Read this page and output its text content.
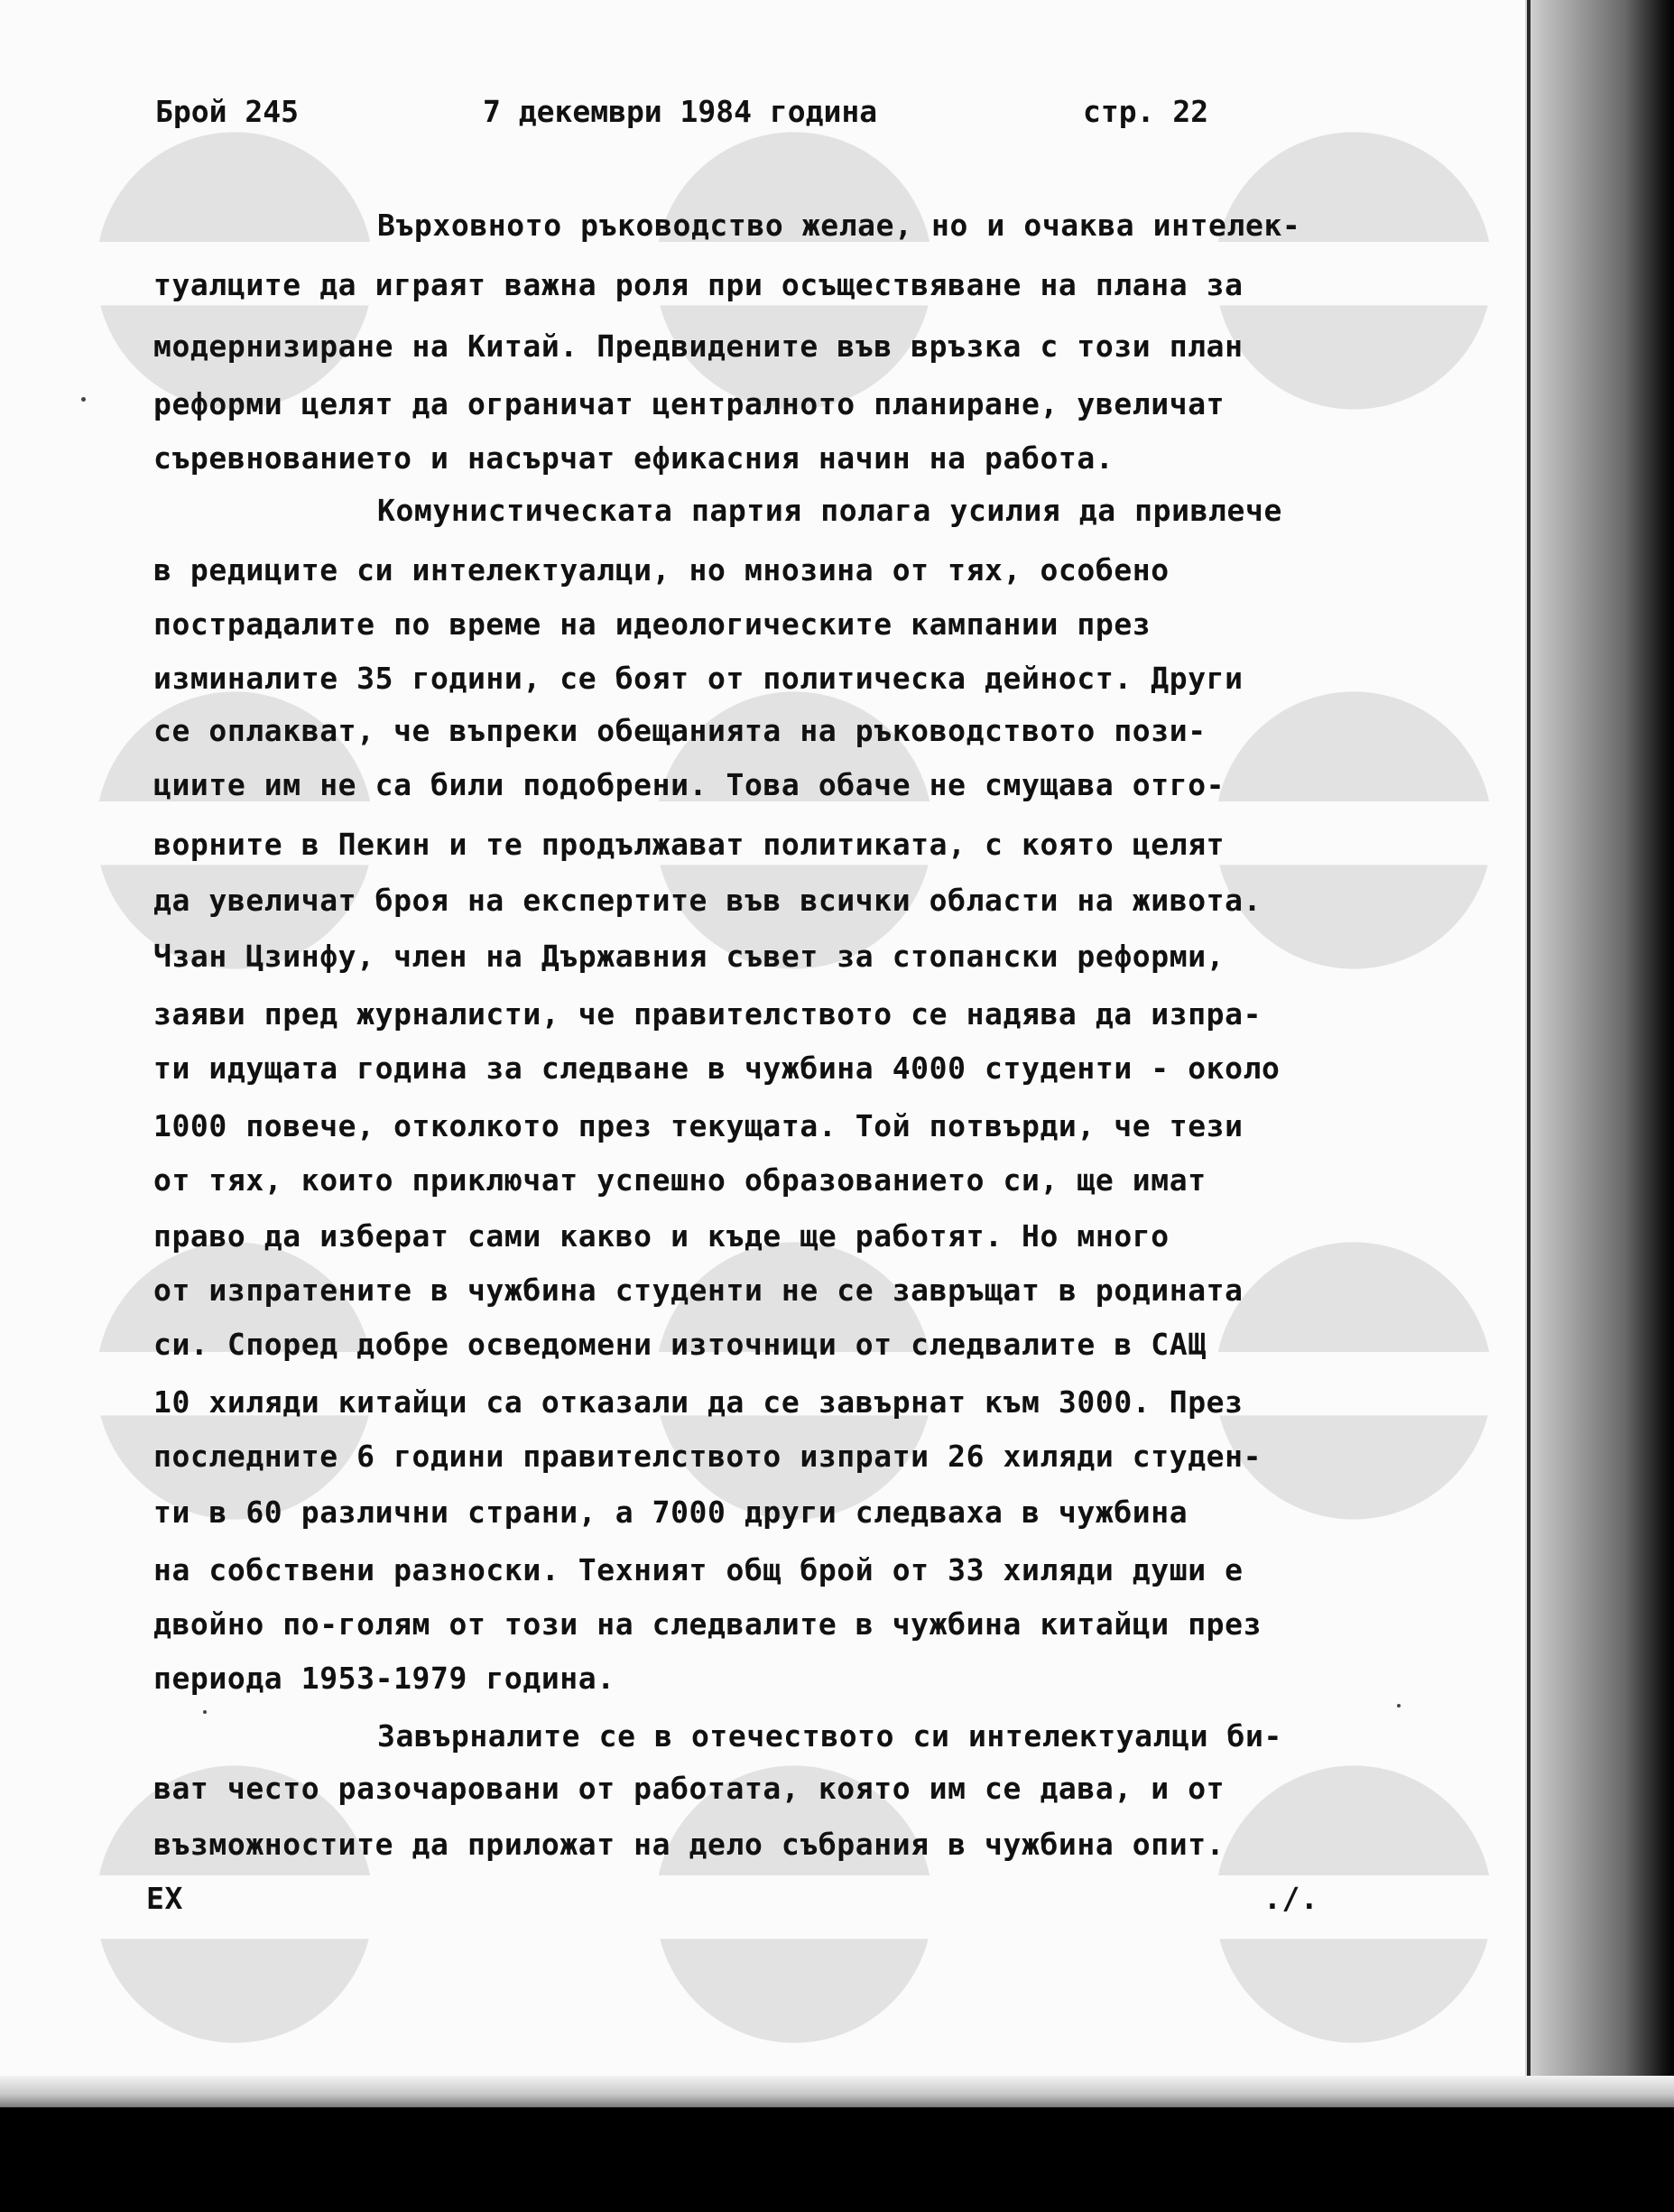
Брой 245	7 декември 1984 година	стр. 22
Върховното ръководство желае, но и очаква интелек-
туалците да играят важна роля при осъществяване на плана за
модернизиране на Китай. Предвидените във връзка с този план
реформи целят да ограничат централното планиране, увеличат
съревнованието и насърчат ефикасния начин на работа.
Комунистическата партия полага усилия да привлече
в редиците си интелектуалци, но мнозина от тях, особено
пострадалите по време на идеологическите кампании през
изминалите 35 години, се боят от политическа дейност. Други
се оплакват, че въпреки обещанията на ръководството пози-
циите им не са били подобрени. Това обаче не смущава отго-
ворните в Пекин и те продължават политиката, с която целят
да увеличат броя на експертите във всички области на живота.
Чзан Цзинфу, член на Държавния съвет за стопански реформи,
заяви пред журналисти, че правителството се надява да изпра-
ти идущата година за следване в чужбина 4000 студенти - около
1000 повече, отколкото през текущата. Той потвърди, че тези
от тях, които приключат успешно образованието си, ще имат
право да изберат сами какво и къде ще работят. Но много
от изпратените в чужбина студенти не се завръщат в родината
си. Според добре осведомени източници от следвалите в САЩ
10 хиляди китайци са отказали да се завърнат към 3000. През
последните 6 години правителството изпрати 26 хиляди студен-
ти в 60 различни страни, а 7000 други следваха в чужбина
на собствени разноски. Техният общ брой от 33 хиляди души е
двойно по-голям от този на следвалите в чужбина китайци през
периода 1953-1979 година.
Завърналите се в отечеството си интелектуалци би-
ват често разочаровани от работата, която им се дава, и от
възможностите да приложат на дело събрания в чужбина опит.
EX	./.
